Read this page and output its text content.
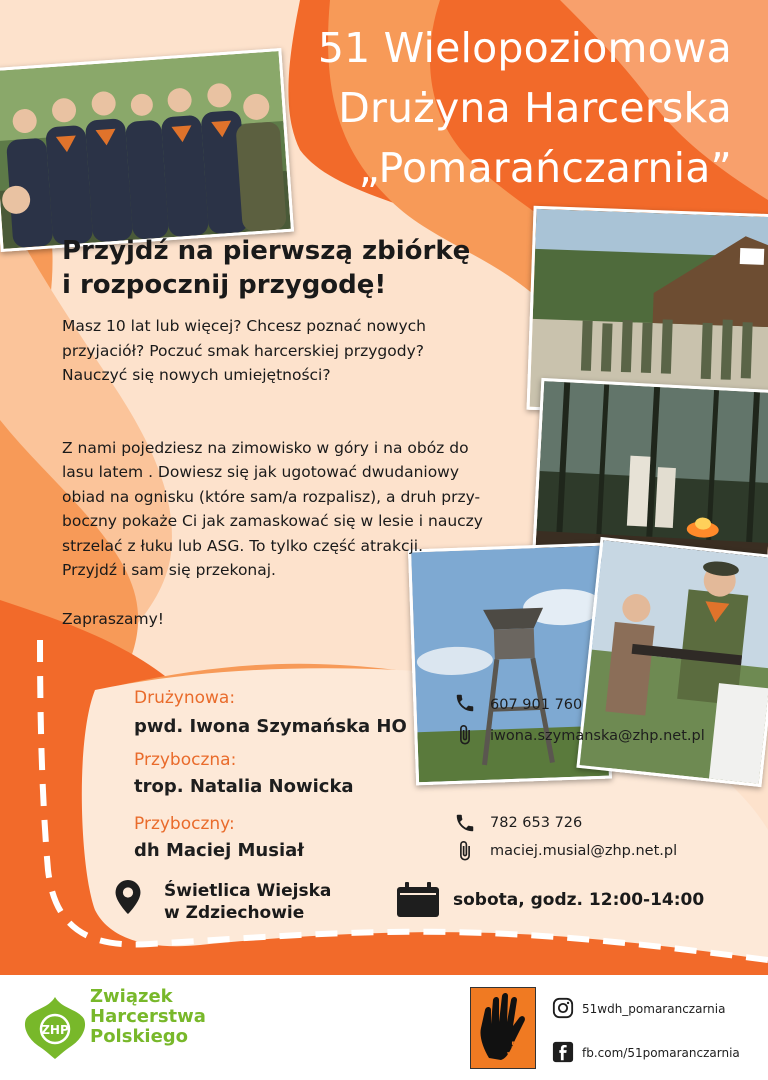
51 Wielopoziomowa
Drużyna Harcerska
„Pomarańczarnia”
Przyjdź na pierwszą zbiórkę
i rozpocznij przygodę!

Masz 10 lat lub więcej? Chcesz poznać nowych

przyjaciół? Poczuć smak harcerskiej przygody?

Nauczyć się nowych umiejętności?

Z nami pojedziesz na zimowisko w góry i na obóz do

lasu latem . Dowiesz się jak ugotować dwudaniowy

obiad na ognisku (które sam/a rozpalisz), a druh przy-

boczny pokaże Ci jak zamaskować się w lesie i nauczy

strzelać z łuku lub ASG. To tylko część atrakcji.

Przyjdź i sam się przekonaj.

Zapraszamy!

Drużynowa:
pwd. Iwona Szymańska HO
Przyboczna:
trop. Natalia Nowicka
Przyboczny:
dh Maciej Musiał
607 901 760
iwona.szymanska@zhp.net.pl
782 653 726
maciej.musial@zhp.net.pl
Świetlica Wiejska
w Zdziechowie
sobota, godz. 12:00-14:00
ZHP
Związek
Harcerstwa
Polskiego	51
WDH
51wdh_pomaranczarnia
fb.com/51pomaranczarnia
